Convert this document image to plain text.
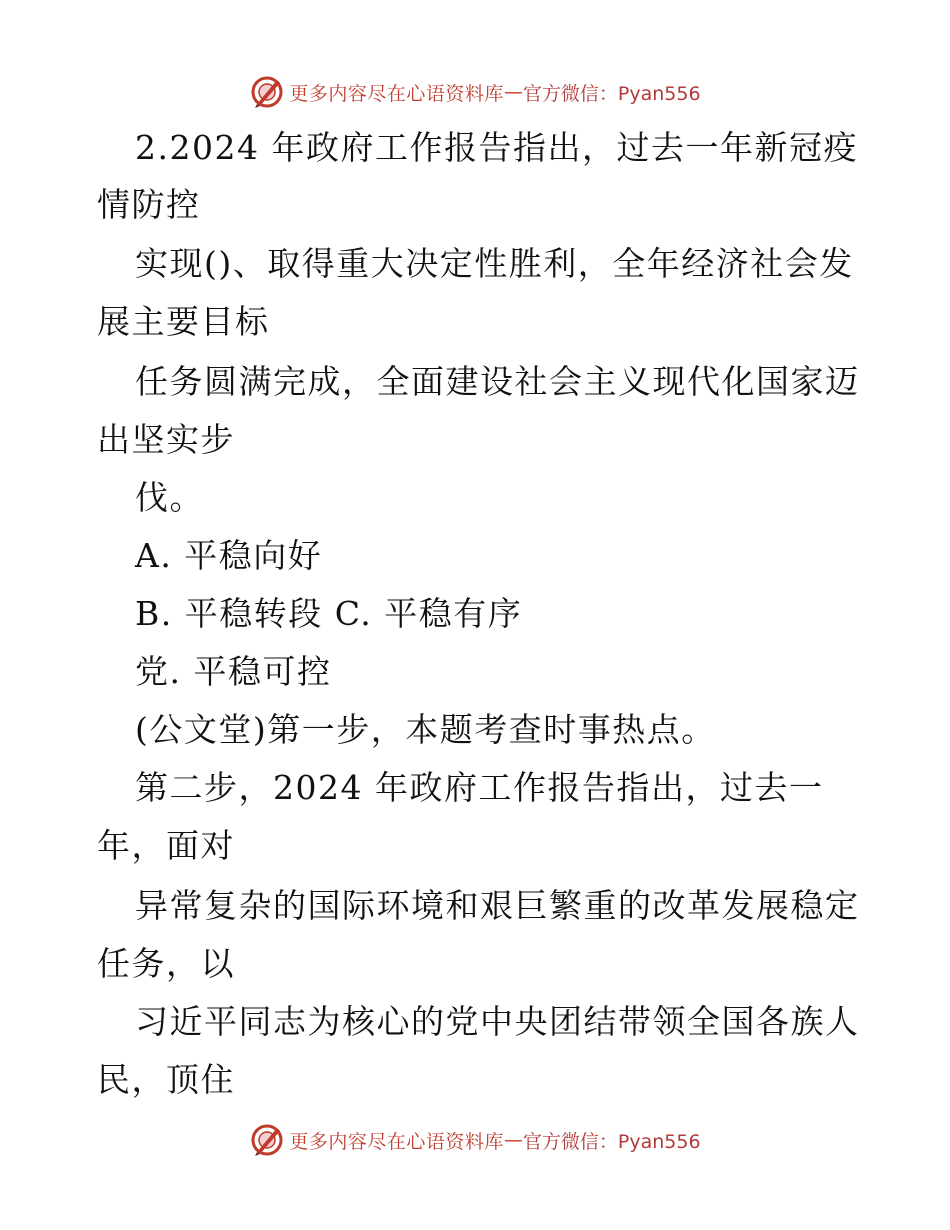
更多内容尽在心语资料库 — 官方微信：Pyan556
2.2024 年政府工作报告指出，过去一年新冠疫
情防控
实现()、取得重大决定性胜利，全年经济社会发
展主要目标
任务圆满完成，全面建设社会主义现代化国家迈
出坚实步
伐。
A. 平稳向好
B. 平稳转段 C. 平稳有序
党. 平稳可控
(公文堂)第一步，本题考查时事热点。
第二步，2024 年政府工作报告指出，过去一
年，面对
异常复杂的国际环境和艰巨繁重的改革发展稳定
任务，以
习近平同志为核心的党中央团结带领全国各族人
民，顶住
更多内容尽在心语资料库 — 官方微信：Pyan556
